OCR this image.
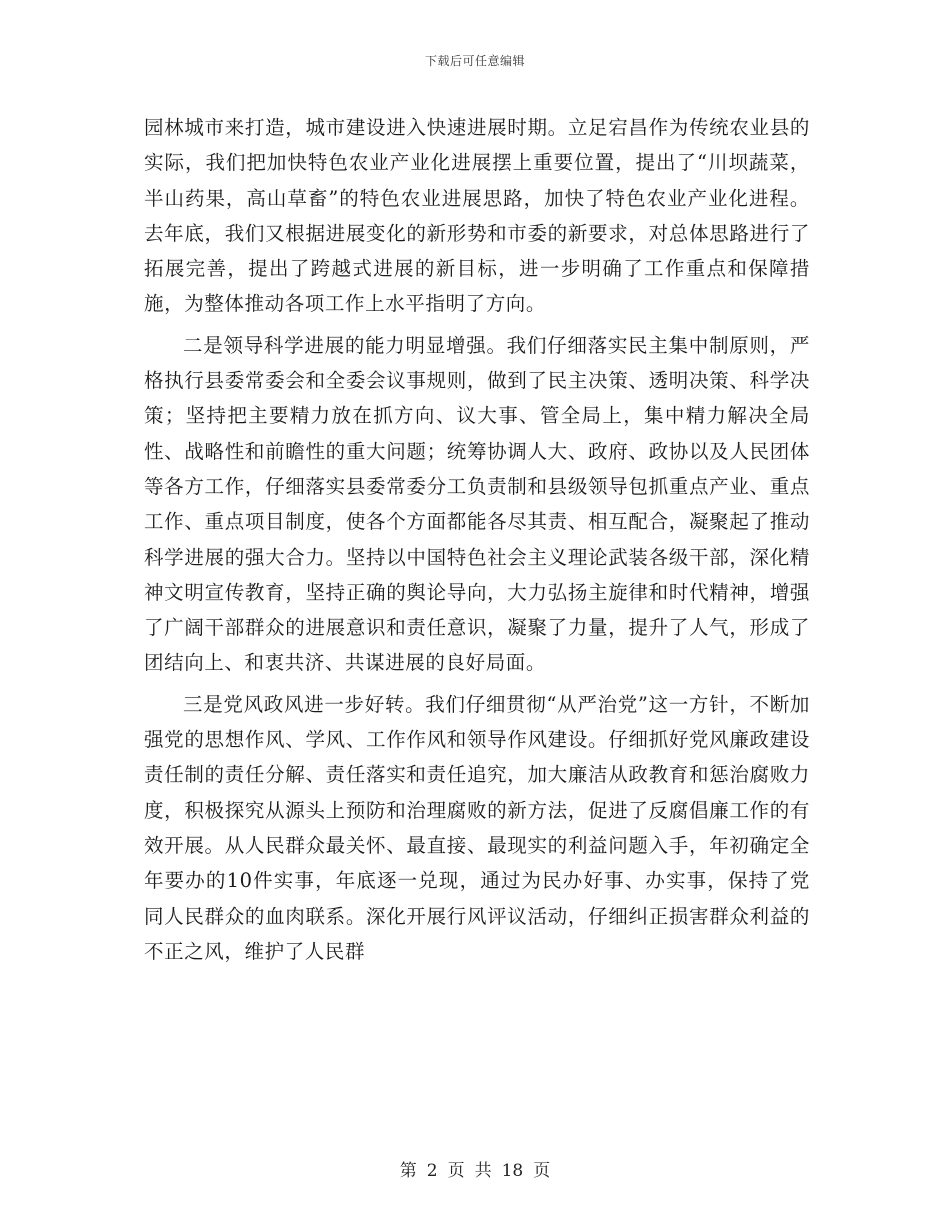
下载后可任意编辑

园林城市来打造，城市建设进入快速进展时期。立足宕昌作为传统农业县的实际，我们把加快特色农业产业化进展摆上重要位置，提出了“川坝蔬菜，半山药果，高山草畜”的特色农业进展思路，加快了特色农业产业化进程。去年底，我们又根据进展变化的新形势和市委的新要求，对总体思路进行了拓展完善，提出了跨越式进展的新目标，进一步明确了工作重点和保障措施，为整体推动各项工作上水平指明了方向。

二是领导科学进展的能力明显增强。我们仔细落实民主集中制原则，严格执行县委常委会和全委会议事规则，做到了民主决策、透明决策、科学决策；坚持把主要精力放在抓方向、议大事、管全局上，集中精力解决全局性、战略性和前瞻性的重大问题；统筹协调人大、政府、政协以及人民团体等各方工作，仔细落实县委常委分工负责制和县级领导包抓重点产业、重点工作、重点项目制度，使各个方面都能各尽其责、相互配合，凝聚起了推动科学进展的强大合力。坚持以中国特色社会主义理论武装各级干部，深化精神文明宣传教育，坚持正确的舆论导向，大力弘扬主旋律和时代精神，增强了广阔干部群众的进展意识和责任意识，凝聚了力量，提升了人气，形成了团结向上、和衷共济、共谋进展的良好局面。

三是党风政风进一步好转。我们仔细贯彻“从严治党”这一方针，不断加强党的思想作风、学风、工作作风和领导作风建设。仔细抓好党风廉政建设责任制的责任分解、责任落实和责任追究，加大廉洁从政教育和惩治腐败力度，积极探究从源头上预防和治理腐败的新方法，促进了反腐倡廉工作的有效开展。从人民群众最关怀、最直接、最现实的利益问题入手，年初确定全年要办的10件实事，年底逐一兑现，通过为民办好事、办实事，保持了党同人民群众的血肉联系。深化开展行风评议活动，仔细纠正损害群众利益的不正之风，维护了人民群

第 2 页 共 18 页
